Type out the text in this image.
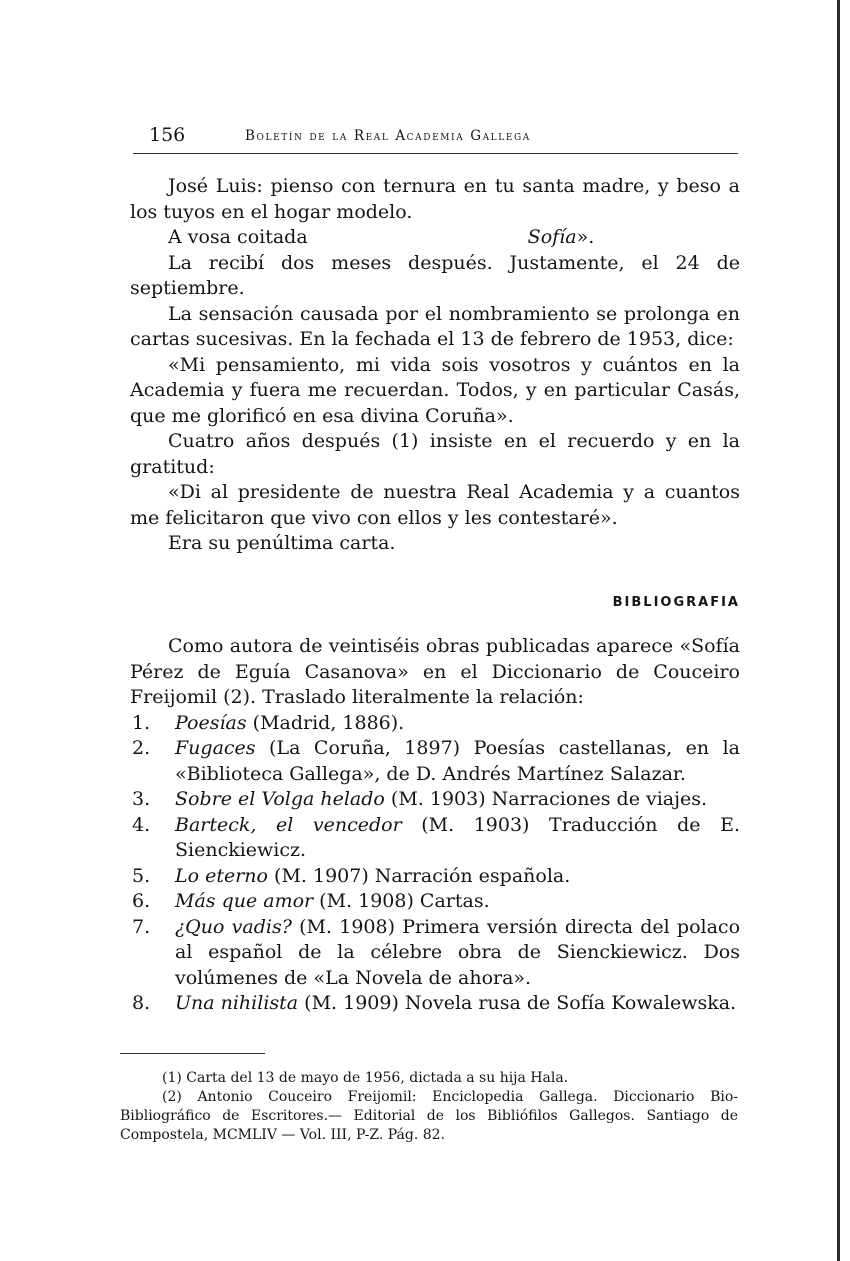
156	Boletín de la Real Academia Gallega

José Luis: pienso con ternura en tu santa madre, y beso a los tuyos en el hogar modelo.

A vosa coitada	Sofía».

La recibí dos meses después. Justamente, el 24 de septiembre.

La sensación causada por el nombramiento se prolonga en cartas sucesivas. En la fechada el 13 de febrero de 1953, dice:

«Mi pensamiento, mi vida sois vosotros y cuántos en la Academia y fuera me recuerdan. Todos, y en particular Casás, que me glorificó en esa divina Coruña».

Cuatro años después (1) insiste en el recuerdo y en la gratitud:

«Di al presidente de nuestra Real Academia y a cuantos me felicitaron que vivo con ellos y les contestaré».

Era su penúltima carta.

BIBLIOGRAFIA

Como autora de veintiséis obras publicadas aparece «Sofía Pérez de Eguía Casanova» en el Diccionario de Couceiro Freijomil (2). Traslado literalmente la relación:

1.	Poesías (Madrid, 1886).
2.	Fugaces (La Coruña, 1897) Poesías castellanas, en la «Biblioteca Gallega», de D. Andrés Martínez Salazar.
3.	Sobre el Volga helado (M. 1903) Narraciones de viajes.
4.	Barteck, el vencedor (M. 1903) Traducción de E. Sienckiewicz.
5.	Lo eterno (M. 1907) Narración española.
6.	Más que amor (M. 1908) Cartas.
7.	¿Quo vadis? (M. 1908) Primera versión directa del polaco al español de la célebre obra de Sienckiewicz. Dos volúmenes de «La Novela de ahora».
8.	Una nihilista (M. 1909) Novela rusa de Sofía Kowalewska.

(1) Carta del 13 de mayo de 1956, dictada a su hija Hala.

(2) Antonio Couceiro Freijomil: Enciclopedia Gallega. Diccionario Bio-Bibliográfico de Escritores.— Editorial de los Bibliófilos Gallegos. Santiago de Compostela, MCMLIV — Vol. III, P-Z. Pág. 82.
